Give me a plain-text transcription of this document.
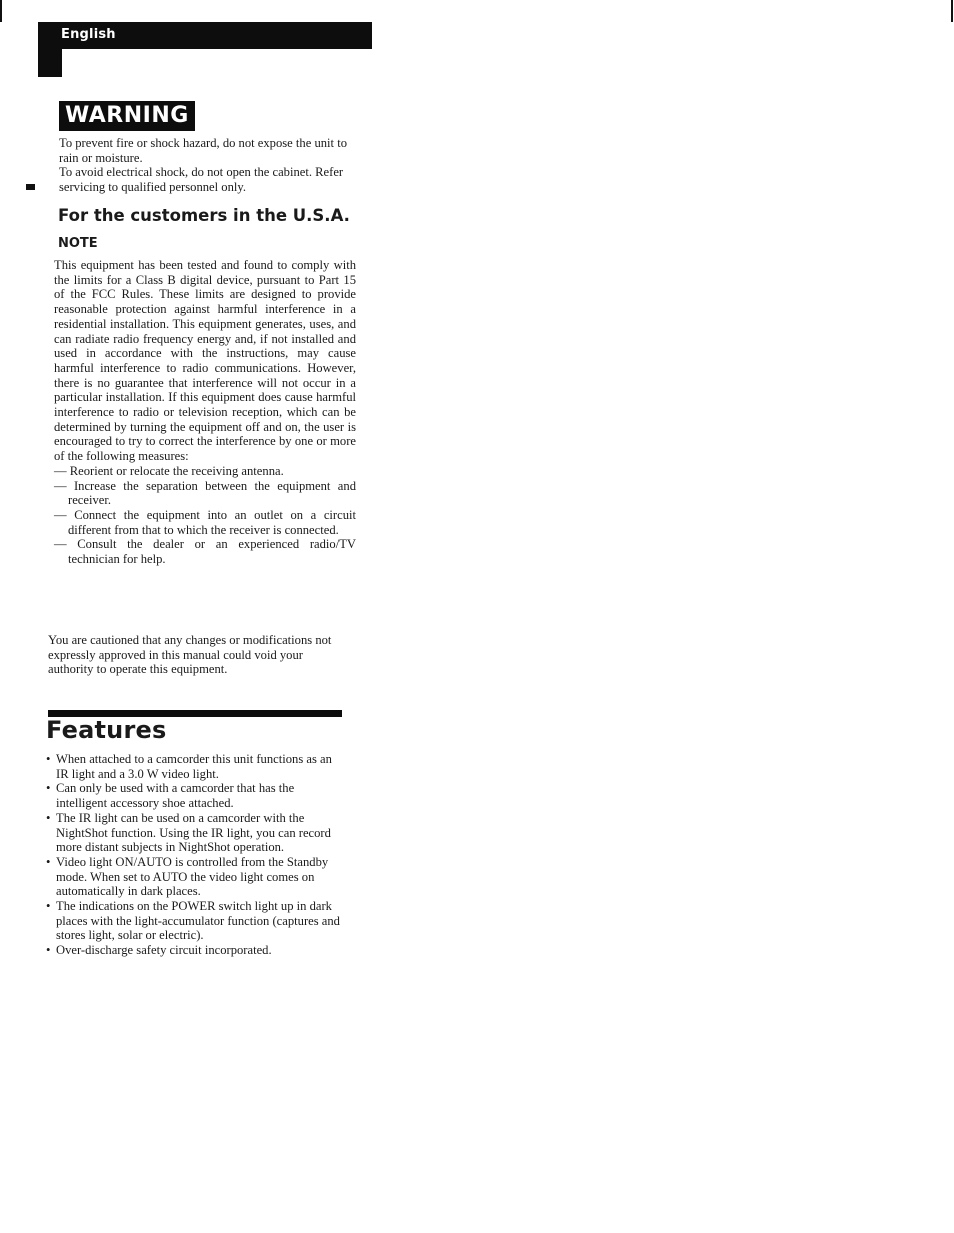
English
WARNING

To prevent fire or shock hazard, do not expose the unit to rain or moisture.

To avoid electrical shock, do not open the cabinet. Refer servicing to qualified personnel only.

For the customers in the U.S.A.
NOTE

This equipment has been tested and found to comply with the limits for a Class B digital device, pursuant to Part 15 of the FCC Rules. These limits are designed to provide reasonable protection against harmful interference in a residential installation. This equipment generates, uses, and can radiate radio frequency energy and, if not installed and used in accordance with the instructions, may cause harmful interference to radio communications. However, there is no guarantee that interference will not occur in a particular installation. If this equipment does cause harmful interference to radio or television reception, which can be determined by turning the equipment off and on, the user is encouraged to try to correct the interference by one or more of the following measures:

— Reorient or relocate the receiving antenna.
— Increase the separation between the equipment and receiver.
— Connect the equipment into an outlet on a circuit different from that to which the receiver is connected.
— Consult the dealer or an experienced radio/TV technician for help.

You are cautioned that any changes or modifications not expressly approved in this manual could void your authority to operate this equipment.

Features
• When attached to a camcorder this unit functions as an IR light and a 3.0 W video light.
• Can only be used with a camcorder that has the intelligent accessory shoe attached.
• The IR light can be used on a camcorder with the NightShot function. Using the IR light, you can record more distant subjects in NightShot operation.
• Video light ON/AUTO is controlled from the Standby mode. When set to AUTO the video light comes on automatically in dark places.
• The indications on the POWER switch light up in dark places with the light-accumulator function (captures and stores light, solar or electric).
• Over-discharge safety circuit incorporated.
